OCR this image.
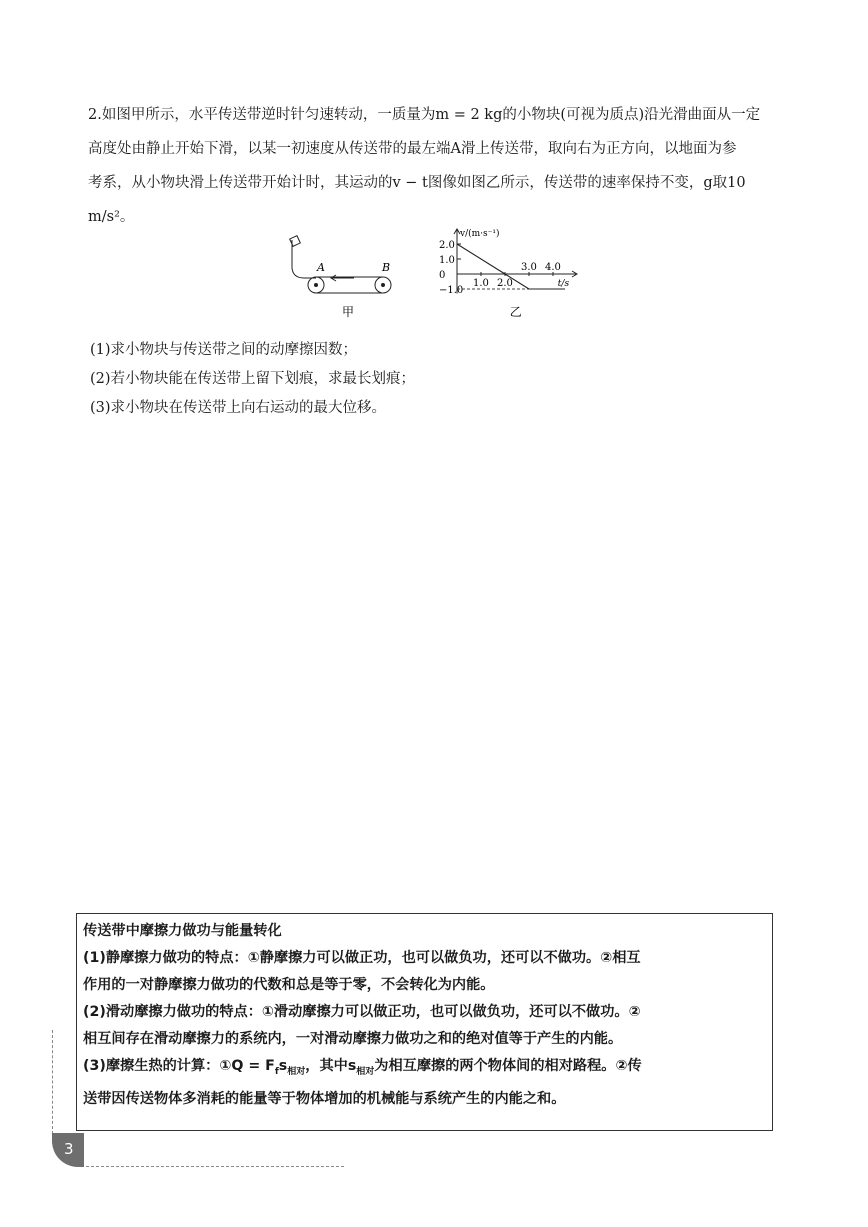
2.如图甲所示，水平传送带逆时针匀速转动，一质量为m = 2 kg的小物块(可视为质点)沿光滑曲面从一定

高度处由静止开始下滑，以某一初速度从传送带的最左端A滑上传送带，取向右为正方向，以地面为参

考系，从小物块滑上传送带开始计时，其运动的v − t图像如图乙所示，传送带的速率保持不变，g取10

m/s²。

A	B
甲
v/(m·s⁻¹)
t/s
2.0
1.0
0
−1.0
1.0 2.0
3.0 4.0
乙
(1)求小物块与传送带之间的动摩擦因数；
(2)若小物块能在传送带上留下划痕，求最长划痕；
(3)求小物块在传送带上向右运动的最大位移。
传送带中摩擦力做功与能量转化
(1)静摩擦力做功的特点：①静摩擦力可以做正功，也可以做负功，还可以不做功。②相互
作用的一对静摩擦力做功的代数和总是等于零，不会转化为内能。
(2)滑动摩擦力做功的特点：①滑动摩擦力可以做正功，也可以做负功，还可以不做功。②
相互间存在滑动摩擦力的系统内，一对滑动摩擦力做功之和的绝对值等于产生的内能。
(3)摩擦生热的计算：①Q = $F_fs_{相对}$，其中$s_{相对}$为相互摩擦的两个物体间的相对路程。②传
送带因传送物体多消耗的能量等于物体增加的机械能与系统产生的内能之和。
3
